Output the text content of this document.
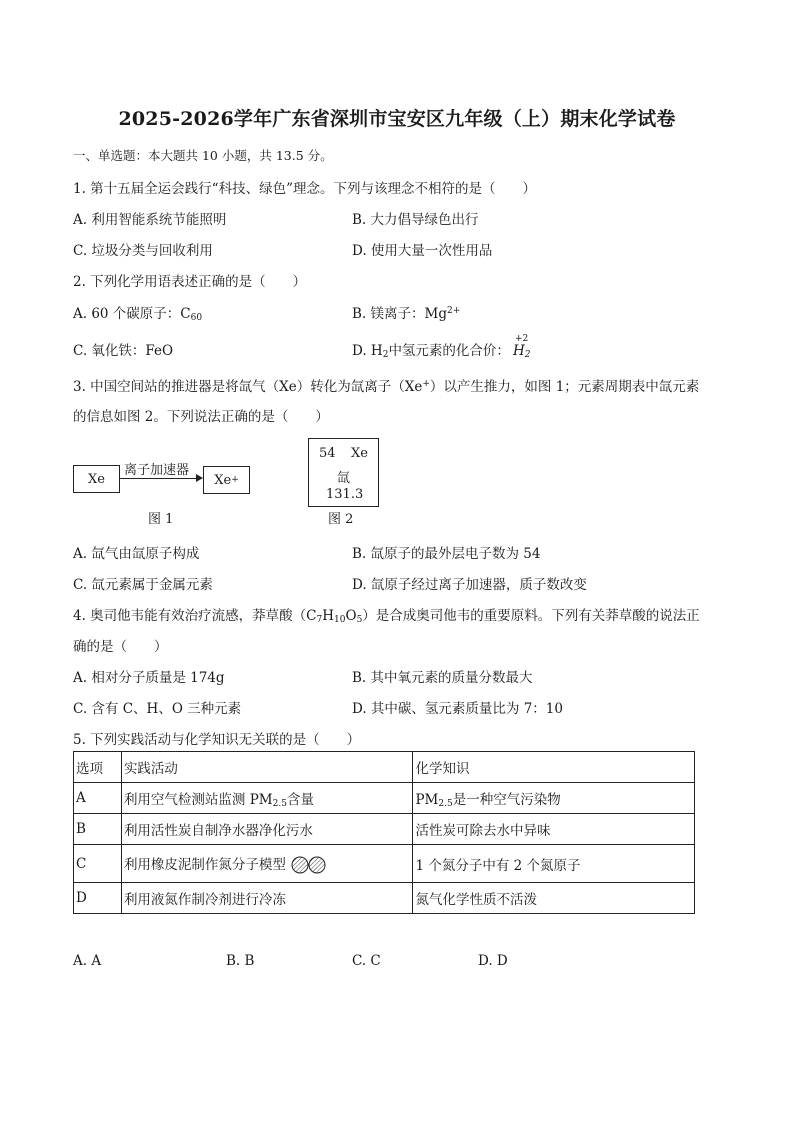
2025-2026学年广东省深圳市宝安区九年级（上）期末化学试卷
一、单选题：本大题共 10 小题，共 13.5 分。
1. 第十五届全运会践行“科技、绿色”理念。下列与该理念不相符的是（　　）
A. 利用智能系统节能照明	B. 大力倡导绿色出行
C. 垃圾分类与回收利用	D. 使用大量一次性用品
2. 下列化学用语表述正确的是（　　）
A. 60 个碳原子：$C_{60}$	B. 镁离子：$Mg^{2+}$
C. 氧化铁：FeO	D. $H_2$中氢元素的化合价：
+2
$H_2$
3. 中国空间站的推进器是将氙气（Xe）转化为氙离子（Xe+）以产生推力，如图 1；元素周期表中氙元素
的信息如图 2。下列说法正确的是（　　）
Xe
离子加速器
Xe +
图 1
54 Xe
氙
131.3
图 2
A. 氙气由氙原子构成	B. 氙原子的最外层电子数为 54
C. 氙元素属于金属元素	D. 氙原子经过离子加速器，质子数改变
4. 奥司他韦能有效治疗流感，莽草酸$(C_7H_{10}O_5)$是合成奥司他韦的重要原料。下列有关莽草酸的说法正
确的是（　　）
A. 相对分子质量是 174g	B. 其中氧元素的质量分数最大
C. 含有 C、H、O 三种元素	D. 其中碳、氢元素质量比为 7：10
5. 下列实践活动与化学知识无关联的是（　　）
选项	实践活动	化学知识
A	利用空气检测站监测 $PM_{2.5}$含量	$PM_{2.5}$是一种空气污染物
B	利用活性炭自制净水器净化污水	活性炭可除去水中异味
C	利用橡皮泥制作氮分子模型	1 个氮分子中有 2 个氮原子
D	利用液氮作制冷剂进行冷冻	氮气化学性质不活泼
A. A	B. B	C. C	D. D
